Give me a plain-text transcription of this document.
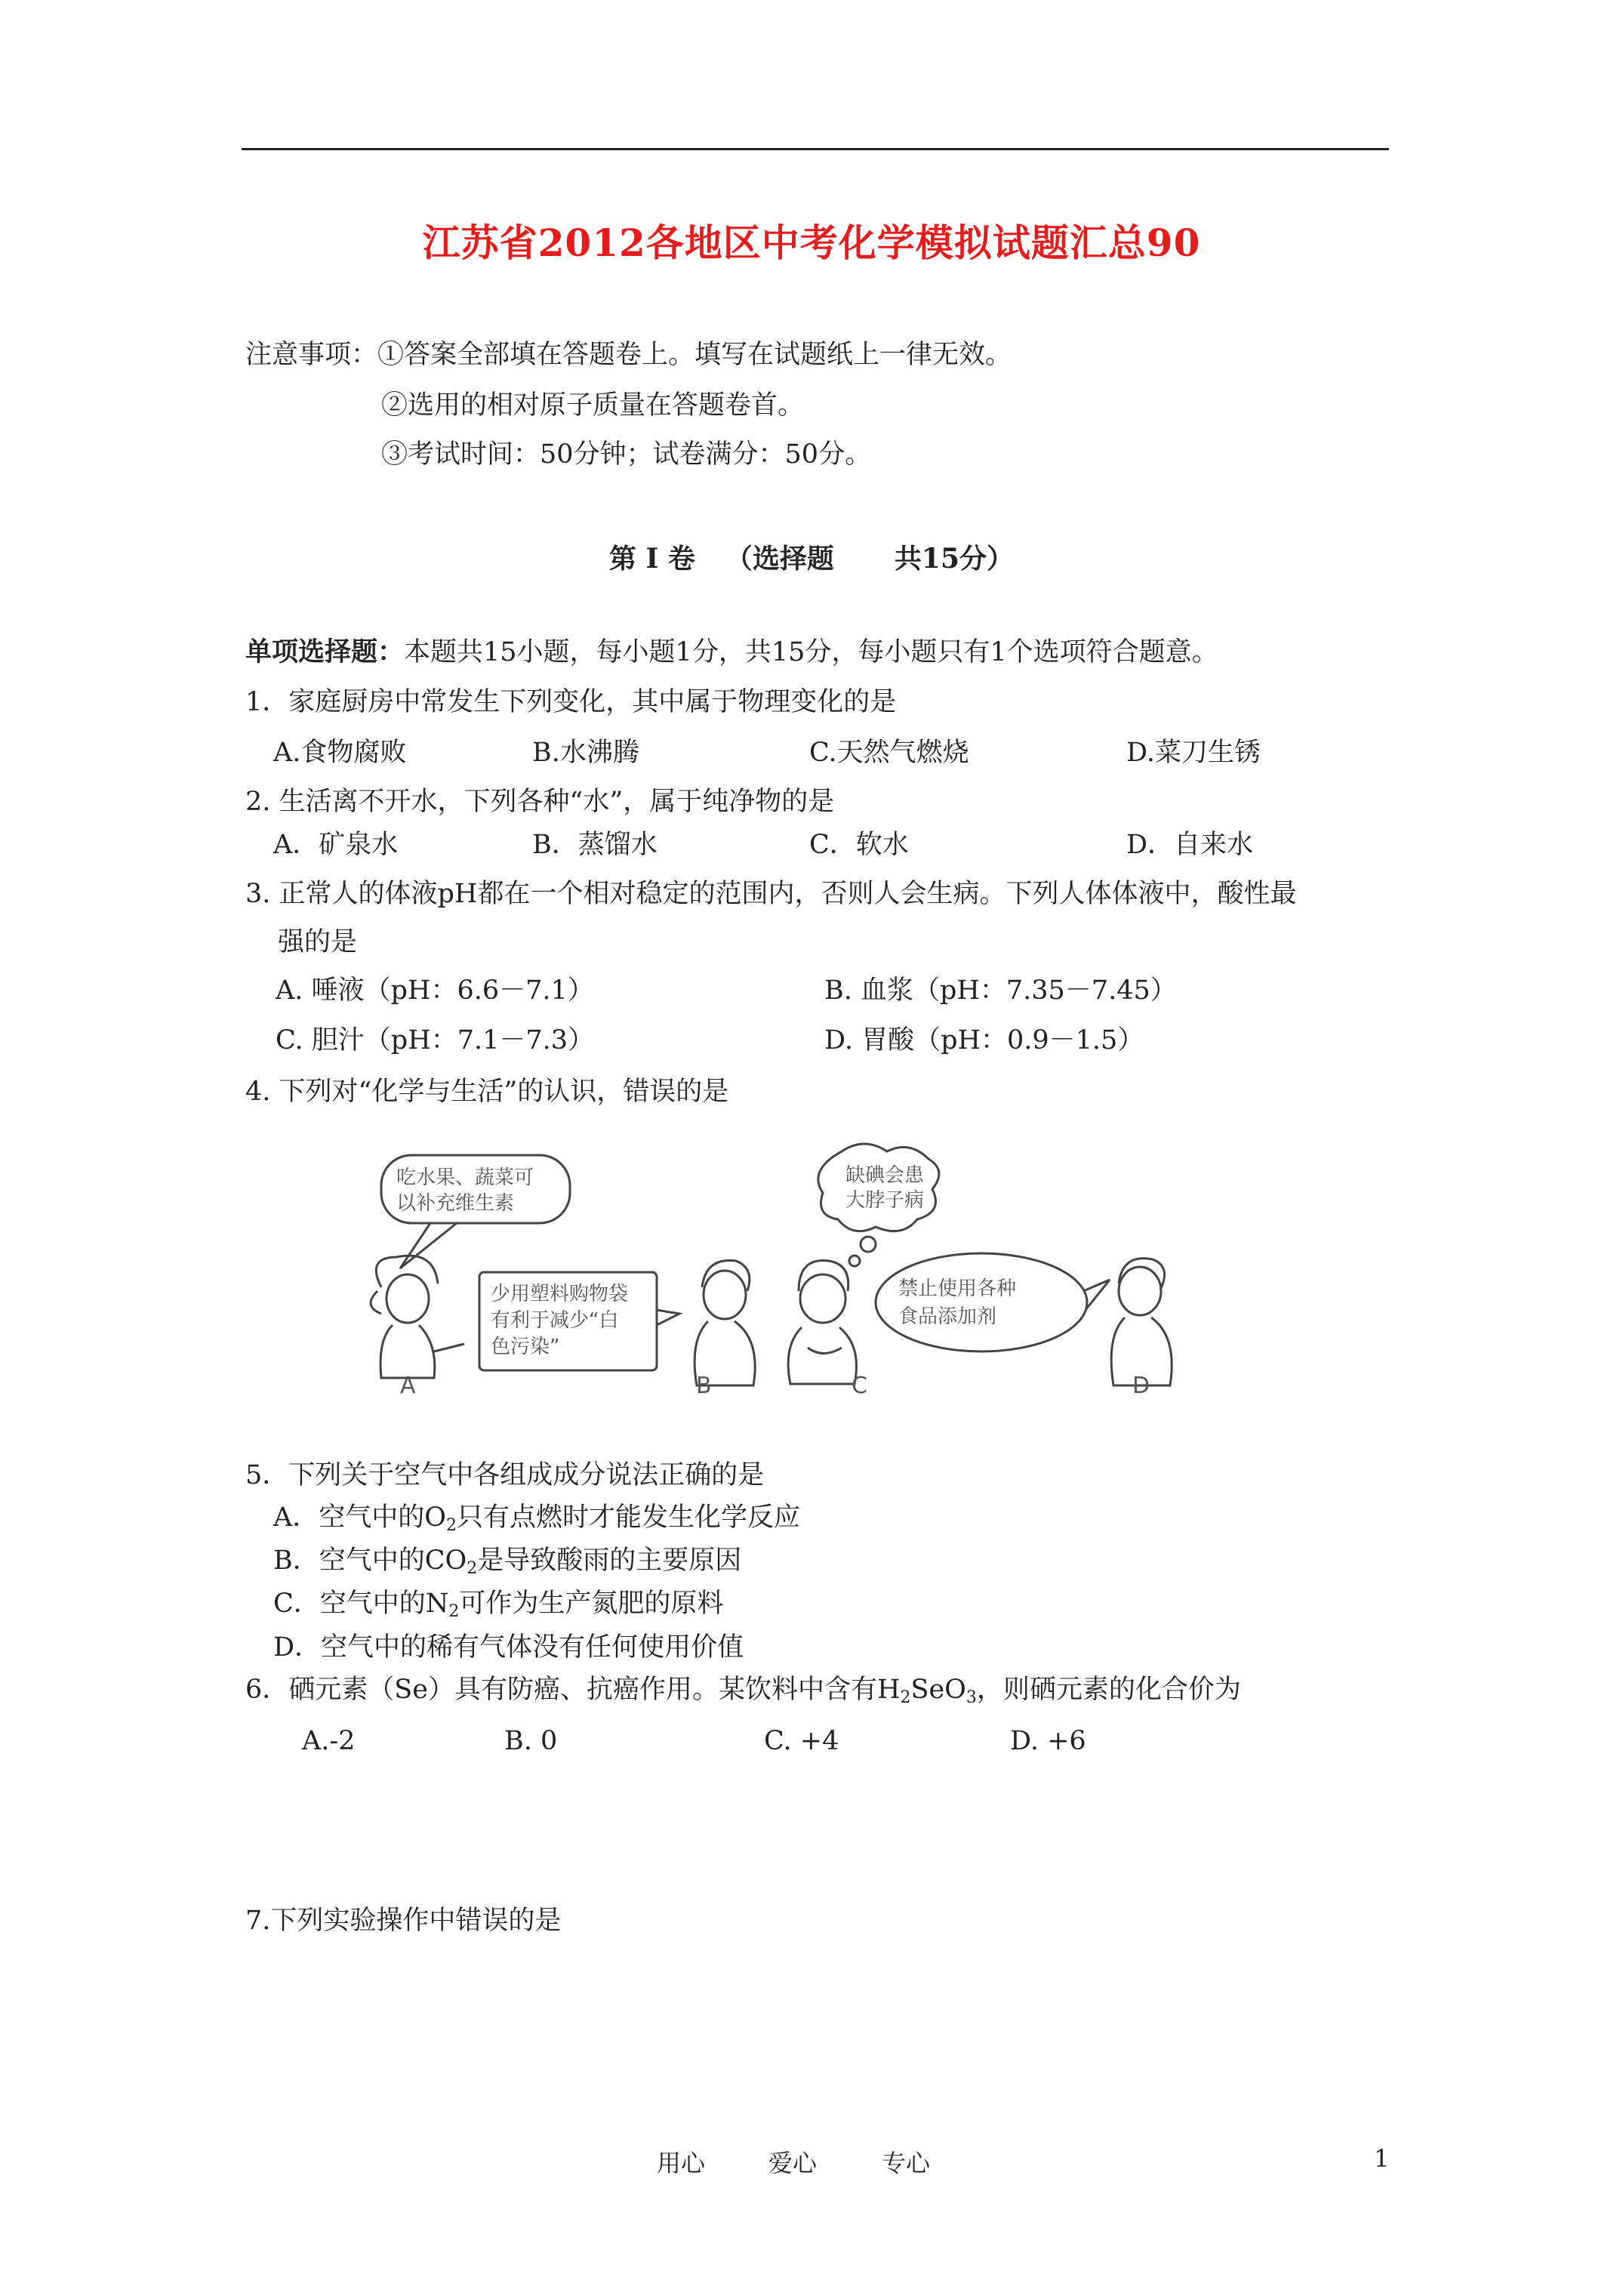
江苏省2012各地区中考化学模拟试题汇总90
注意事项：①答案全部填在答题卷上。填写在试题纸上一律无效。
②选用的相对原子质量在答题卷首。
③考试时间：50分钟；试卷满分：50分。
第 I 卷 （选择题 共15分）
单项选择题：本题共15小题，每小题1分，共15分，每小题只有1个选项符合题意。
1．家庭厨房中常发生下列变化，其中属于物理变化的是
A.食物腐败	B.水沸腾	C.天然气燃烧	D.菜刀生锈
2. 生活离不开水，下列各种“水”，属于纯净物的是
A．矿泉水	B．蒸馏水	C．软水	D．自来水
3. 正常人的体液pH都在一个相对稳定的范围内，否则人会生病。下列人体体液中，酸性最
强的是
A. 唾液（pH：6.6－7.1）	B. 血浆（pH：7.35－7.45）
C. 胆汁（pH：7.1－7.3）	D. 胃酸（pH：0.9－1.5）
4. 下列对“化学与生活”的认识，错误的是
吃水果、蔬菜可
以补充维生素
少用塑料购物袋
有利于减少“白
色污染”
缺碘会患
大脖子病
禁止使用各种
食品添加剂
A	B	C	D
5．下列关于空气中各组成成分说法正确的是
A．空气中的$O_2$只有点燃时才能发生化学反应
B．空气中的$CO_2$是导致酸雨的主要原因
C．空气中的$N_2$可作为生产氮肥的原料
D．空气中的稀有气体没有任何使用价值
6．硒元素（Se）具有防癌、抗癌作用。某饮料中含有$H_2SeO_3$，则硒元素的化合价为
A.-2	B. 0	C. +4	D. +6
7.下列实验操作中错误的是
用心	爱心	专心	1
